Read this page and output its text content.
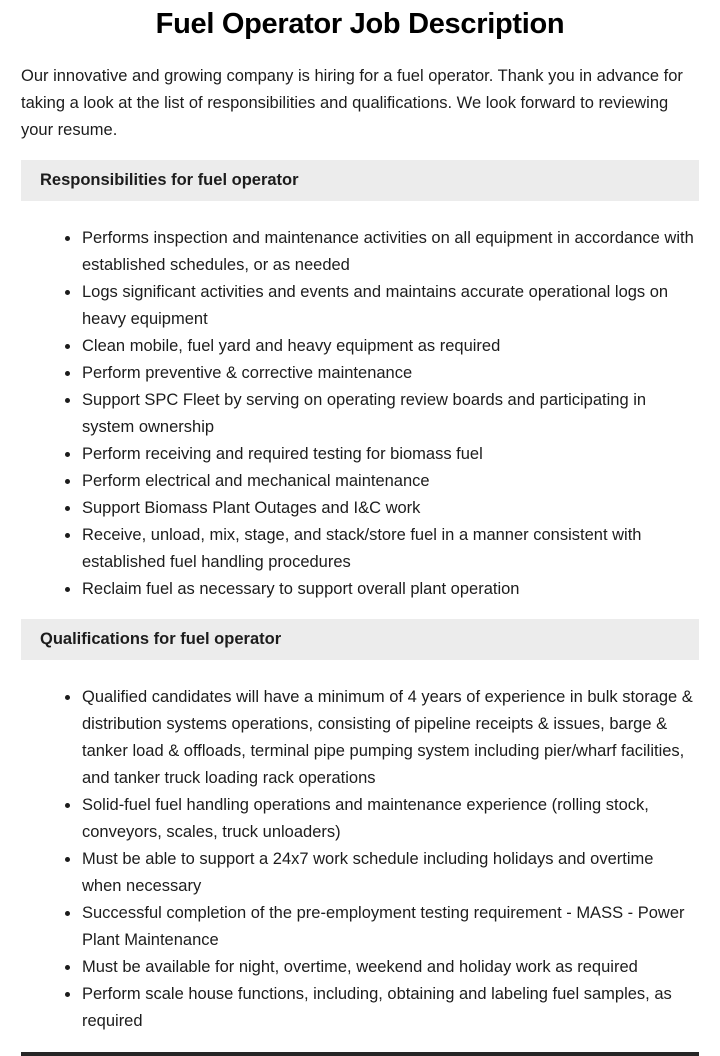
Fuel Operator Job Description

Our innovative and growing company is hiring for a fuel operator. Thank you in advance for taking a look at the list of responsibilities and qualifications. We look forward to reviewing your resume.

Responsibilities for fuel operator
Performs inspection and maintenance activities on all equipment in accordance with established schedules, or as needed
Logs significant activities and events and maintains accurate operational logs on heavy equipment
Clean mobile, fuel yard and heavy equipment as required
Perform preventive & corrective maintenance
Support SPC Fleet by serving on operating review boards and participating in system ownership
Perform receiving and required testing for biomass fuel
Perform electrical and mechanical maintenance
Support Biomass Plant Outages and I&C work
Receive, unload, mix, stage, and stack/store fuel in a manner consistent with established fuel handling procedures
Reclaim fuel as necessary to support overall plant operation
Qualifications for fuel operator
Qualified candidates will have a minimum of 4 years of experience in bulk storage & distribution systems operations, consisting of pipeline receipts & issues, barge & tanker load & offloads, terminal pipe pumping system including pier/wharf facilities, and tanker truck loading rack operations
Solid-fuel fuel handling operations and maintenance experience (rolling stock, conveyors, scales, truck unloaders)
Must be able to support a 24x7 work schedule including holidays and overtime when necessary
Successful completion of the pre-employment testing requirement - MASS - Power Plant Maintenance
Must be available for night, overtime, weekend and holiday work as required
Perform scale house functions, including, obtaining and labeling fuel samples, as required
